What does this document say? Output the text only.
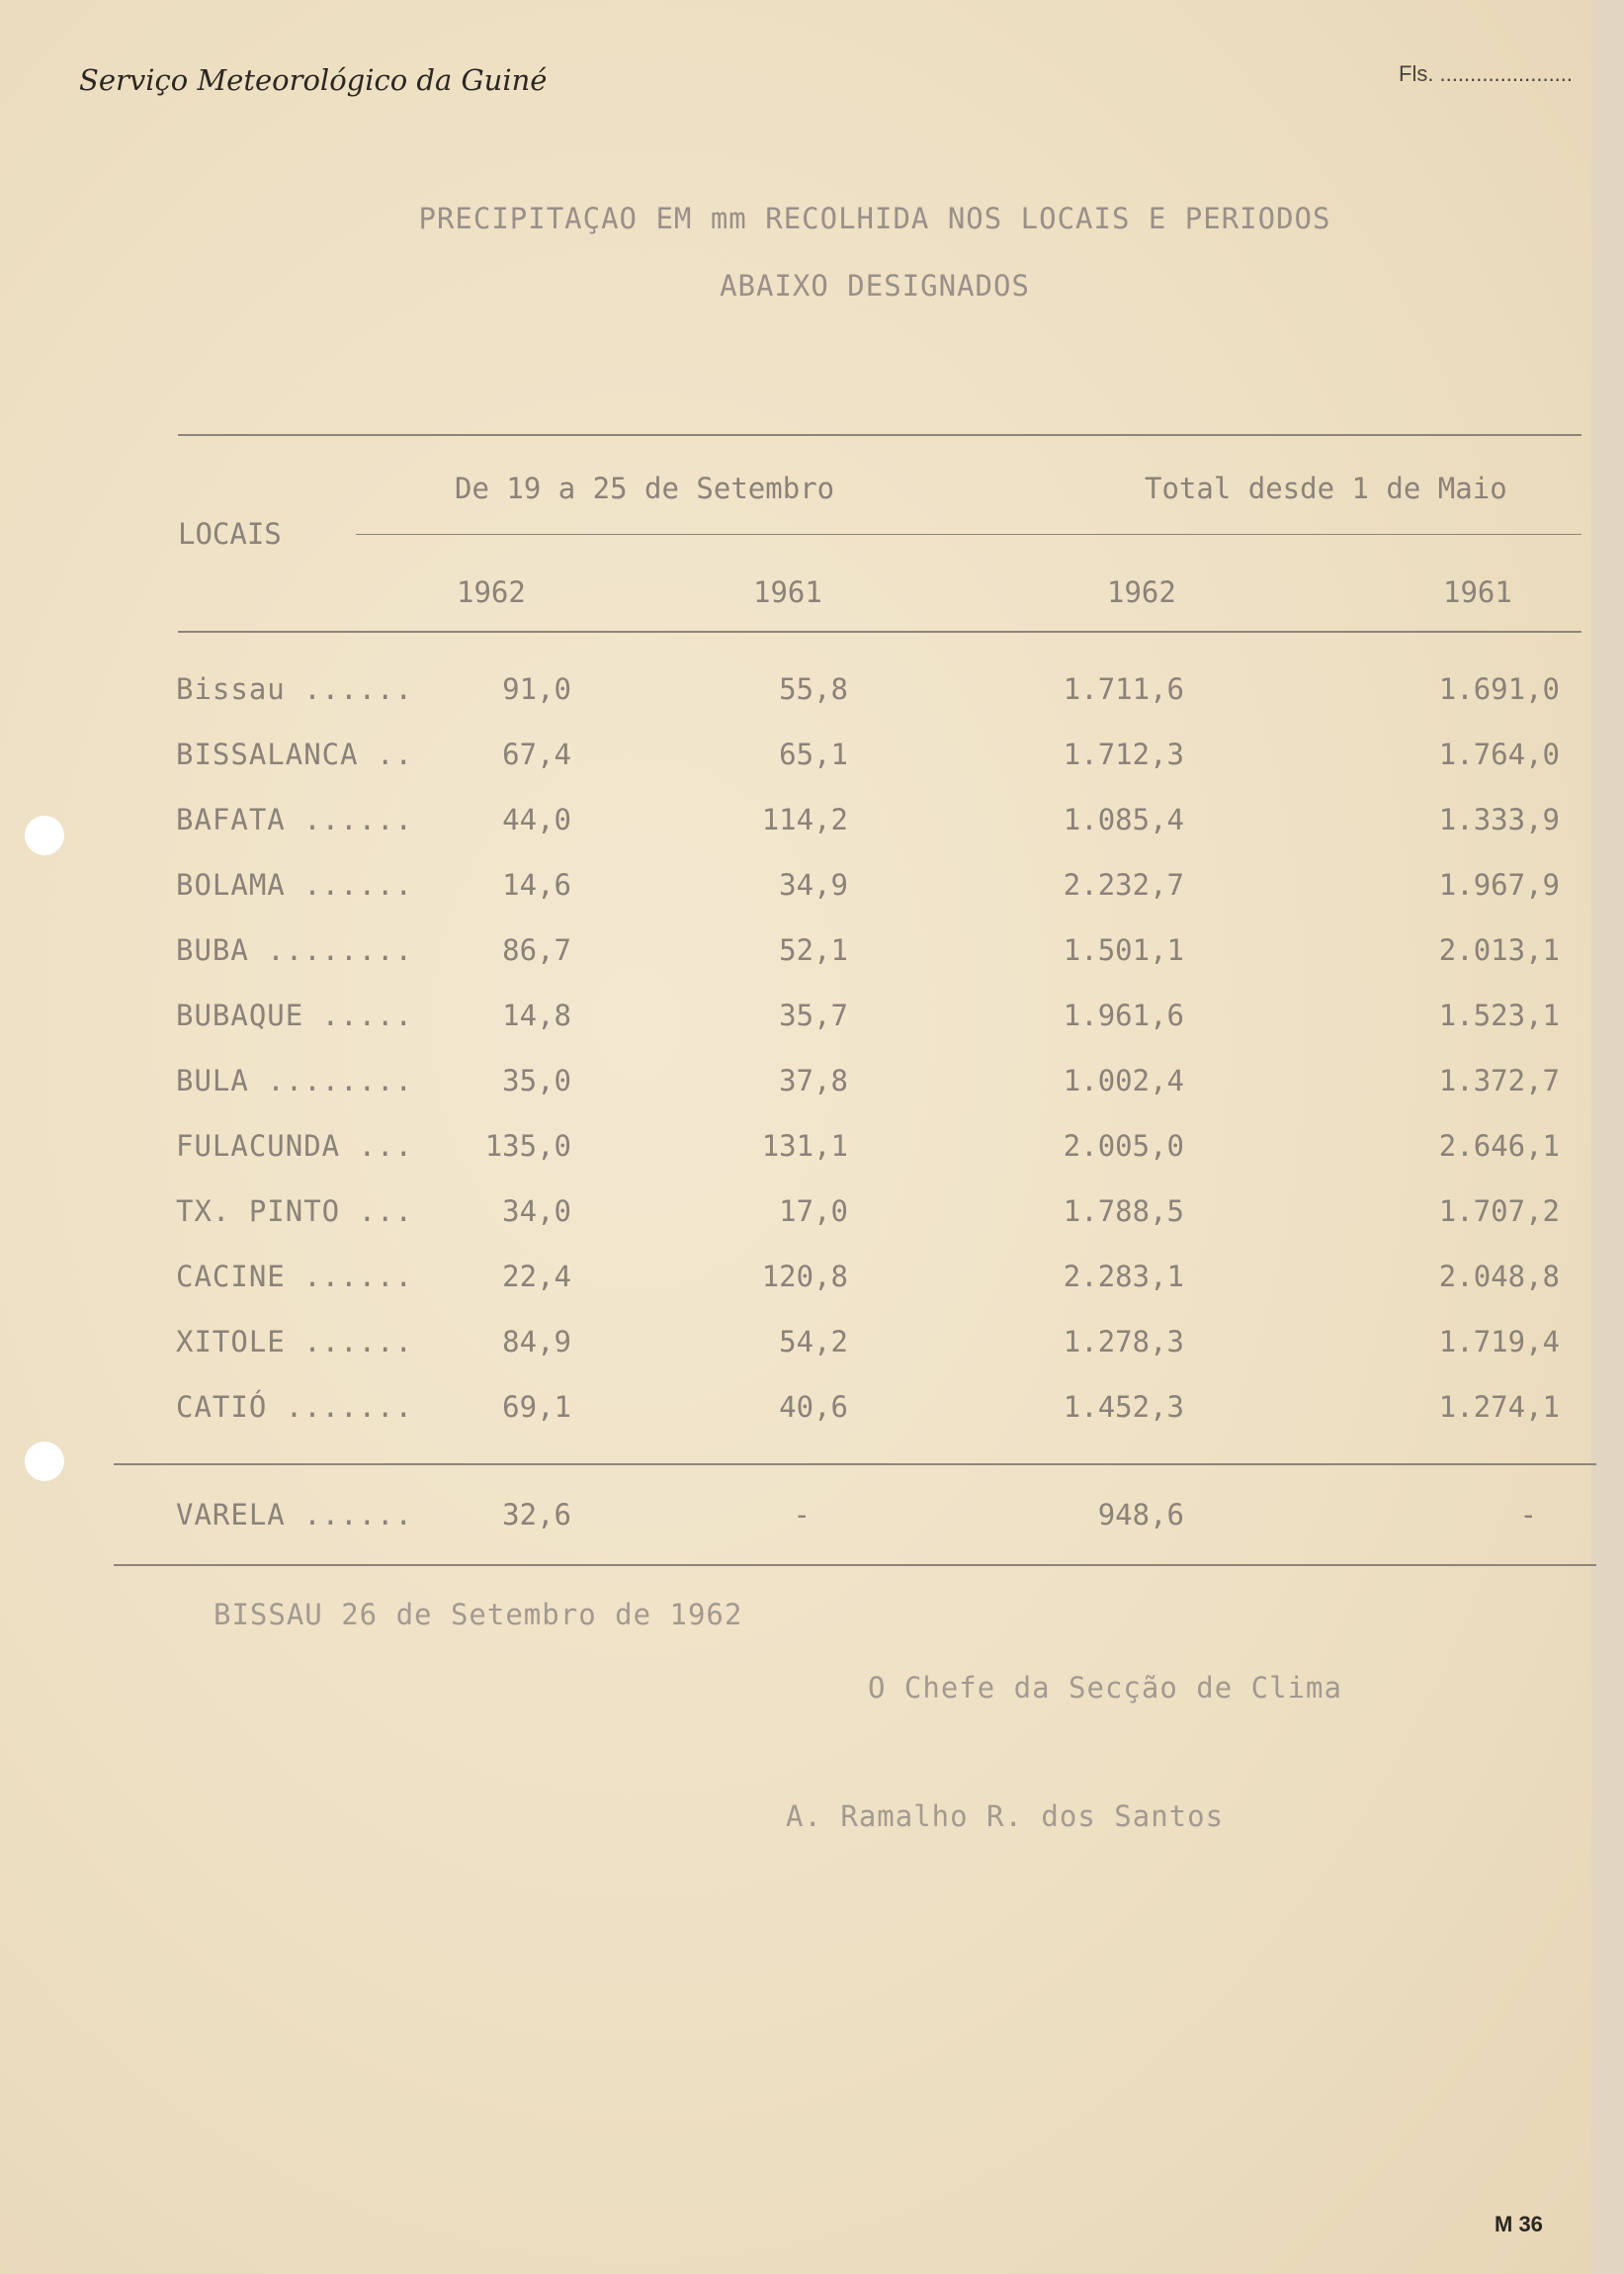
Serviço Meteorológico da Guiné	Fls. ......................
PRECIPITAÇAO EM mm RECOLHIDA NOS LOCAIS E PERIODOS
ABAIXO DESIGNADOS
De 19 a 25 de Setembro	Total desde 1 de Maio
LOCAIS
1962	1961	1962	1961
Bissau ......	91,0	55,8	1.711,6	1.691,0
BISSALANCA ..	67,4	65,1	1.712,3	1.764,0
BAFATA ......	44,0	114,2	1.085,4	1.333,9
BOLAMA ......	14,6	34,9	2.232,7	1.967,9
BUBA ........	86,7	52,1	1.501,1	2.013,1
BUBAQUE .....	14,8	35,7	1.961,6	1.523,1
BULA ........	35,0	37,8	1.002,4	1.372,7
FULACUNDA ...	135,0	131,1	2.005,0	2.646,1
TX. PINTO ...	34,0	17,0	1.788,5	1.707,2
CACINE ......	22,4	120,8	2.283,1	2.048,8
XITOLE ......	84,9	54,2	1.278,3	1.719,4
CATIÓ .......	69,1	40,6	1.452,3	1.274,1
VARELA ......	32,6	-	948,6	-
BISSAU 26 de Setembro de 1962
O Chefe da Secção de Clima
A. Ramalho R. dos Santos
M 36
